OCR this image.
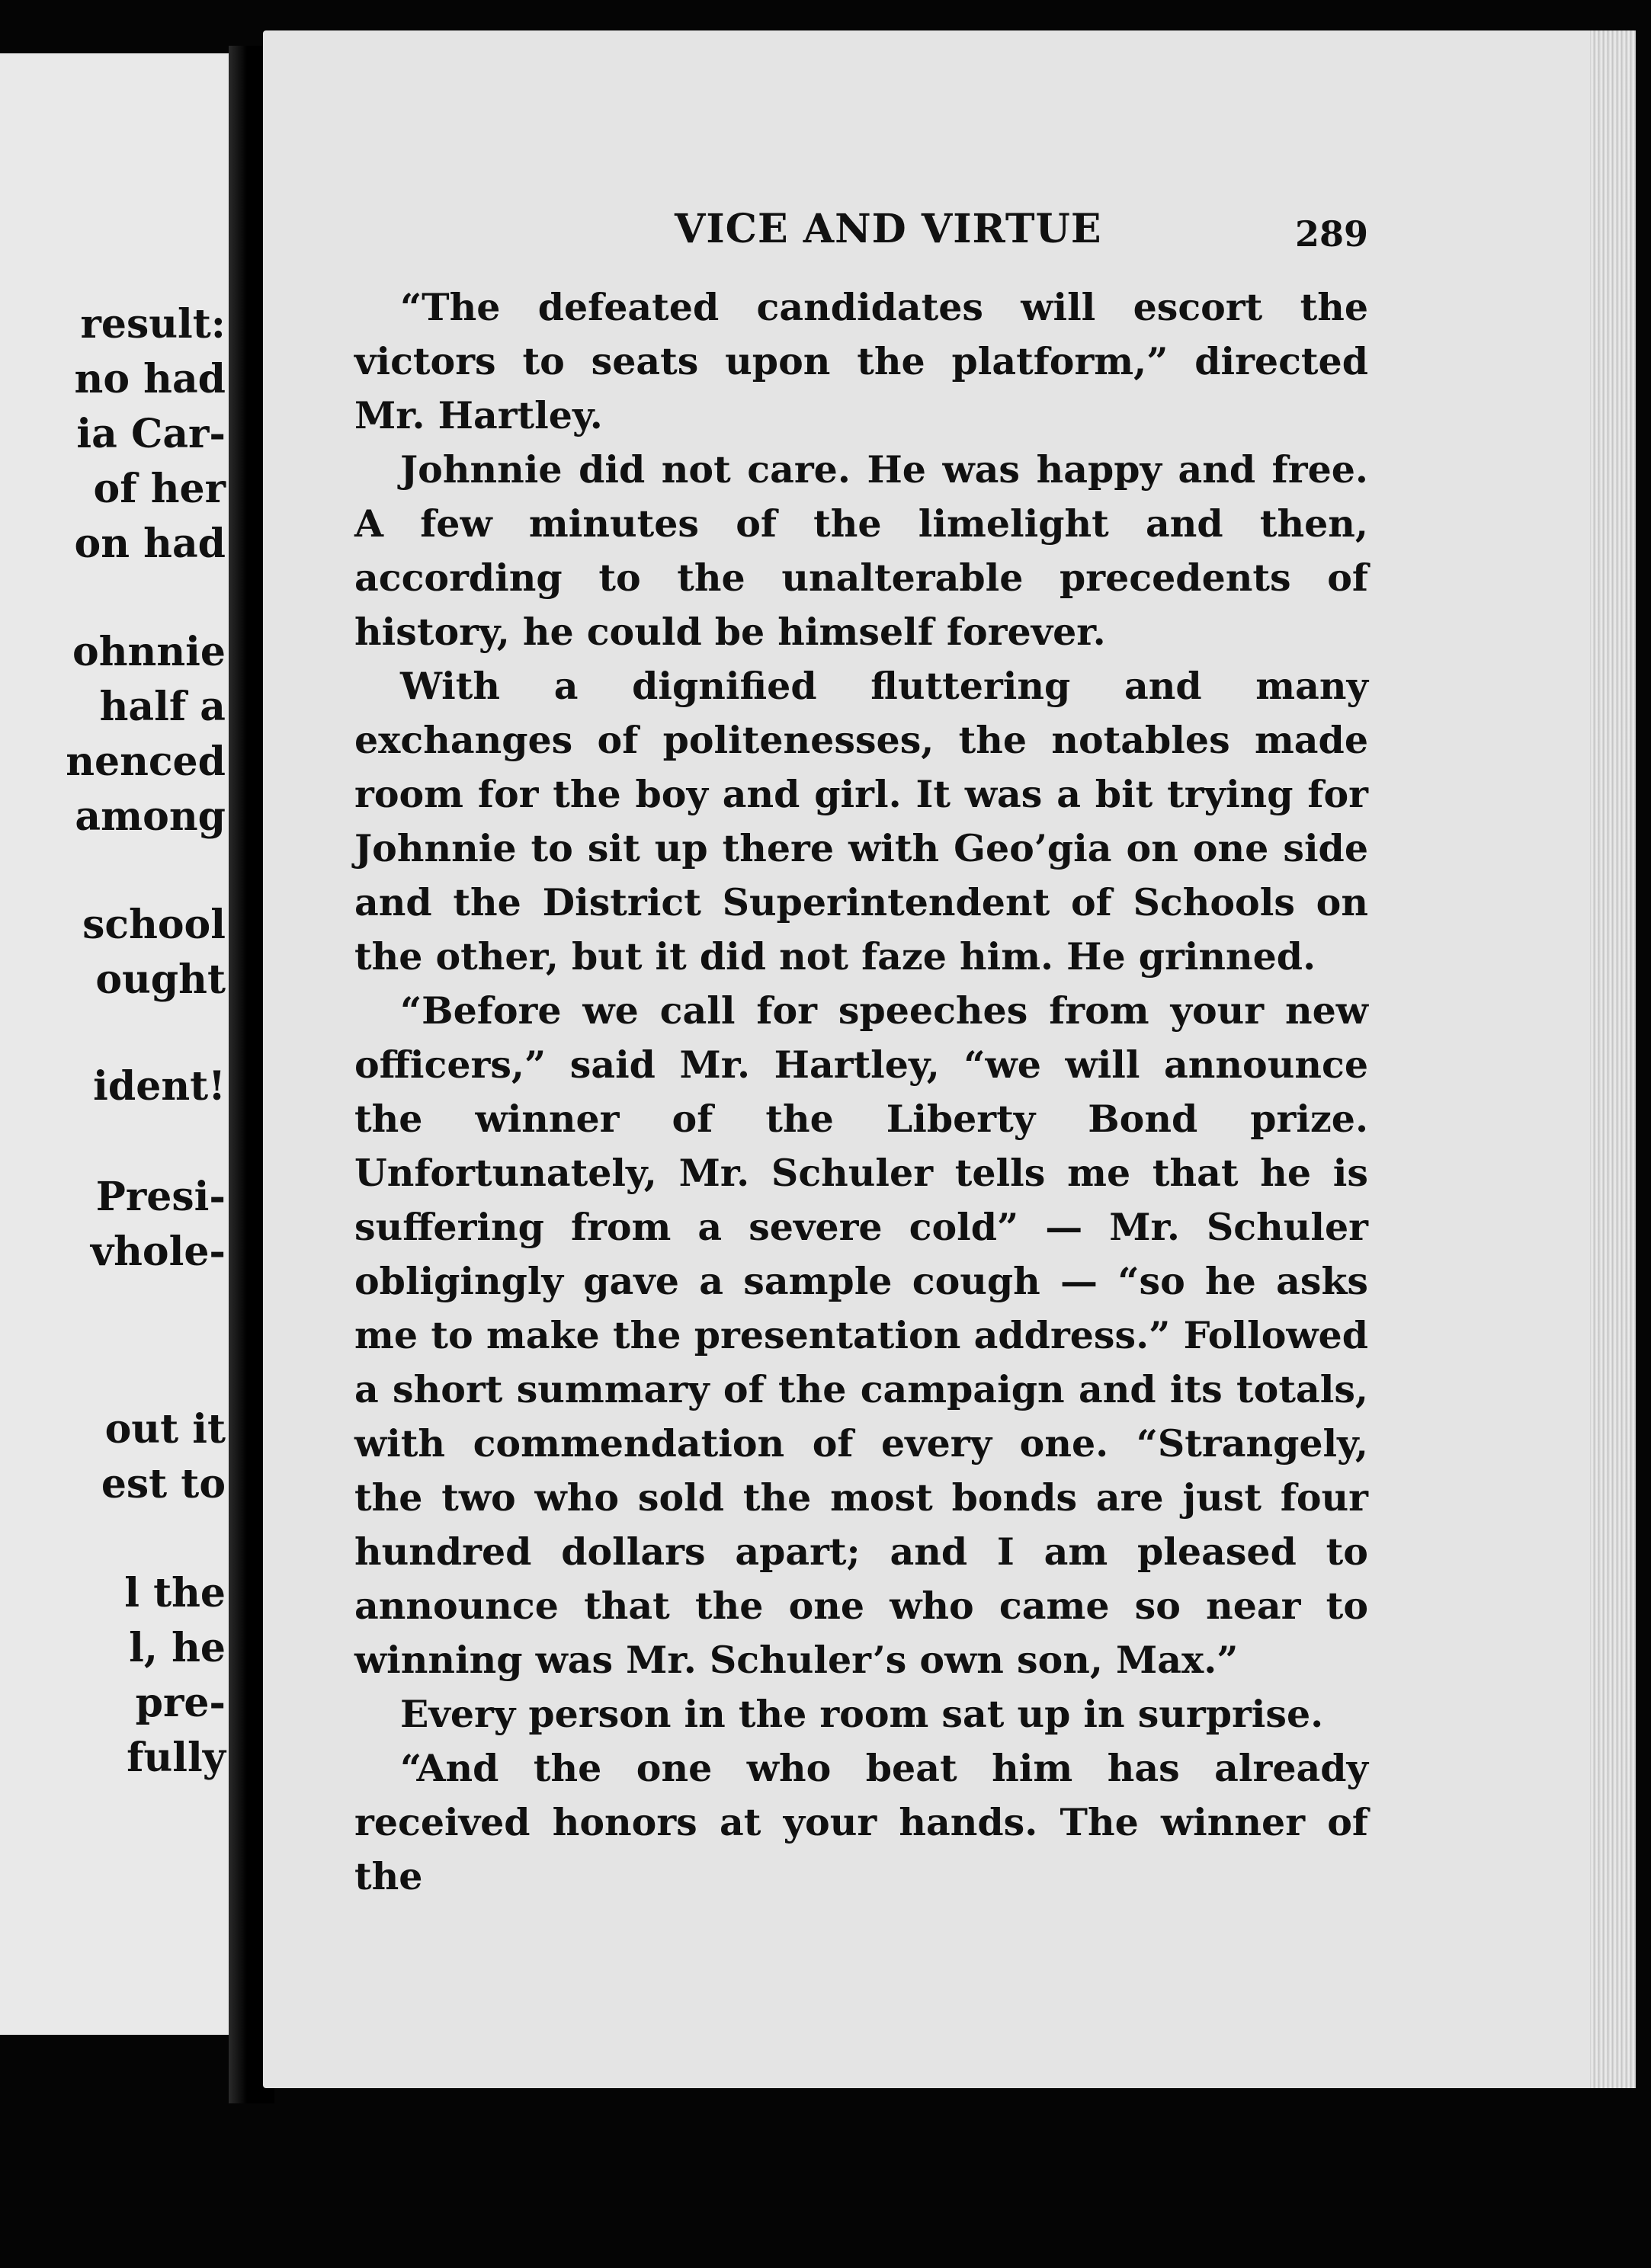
result:
no had
ia Car-
of her
on had
ohnnie
half a
nenced
among
school
ought
ident!
Presi-
vhole-
out it
est to
l the
l, he
pre-
fully
VICE AND VIRTUE	289

“The defeated candidates will escort the victors to seats upon the platform,” directed Mr. Hartley.

Johnnie did not care. He was happy and free. A few minutes of the limelight and then, according to the unalterable precedents of history, he could be himself forever.

With a dignified fluttering and many exchanges of politenesses, the notables made room for the boy and girl. It was a bit trying for Johnnie to sit up there with Geo’gia on one side and the District Superintendent of Schools on the other, but it did not faze him. He grinned.

“Before we call for speeches from your new officers,” said Mr. Hartley, “we will announce the winner of the Liberty Bond prize. Unfortunately, Mr. Schuler tells me that he is suffering from a severe cold” — Mr. Schuler obligingly gave a sample cough — “so he asks me to make the presentation address.” Followed a short summary of the campaign and its totals, with commendation of every one. “Strangely, the two who sold the most bonds are just four hundred dollars apart; and I am pleased to announce that the one who came so near to winning was Mr. Schuler’s own son, Max.”

Every person in the room sat up in surprise.

“And the one who beat him has already received honors at your hands. The winner of the
